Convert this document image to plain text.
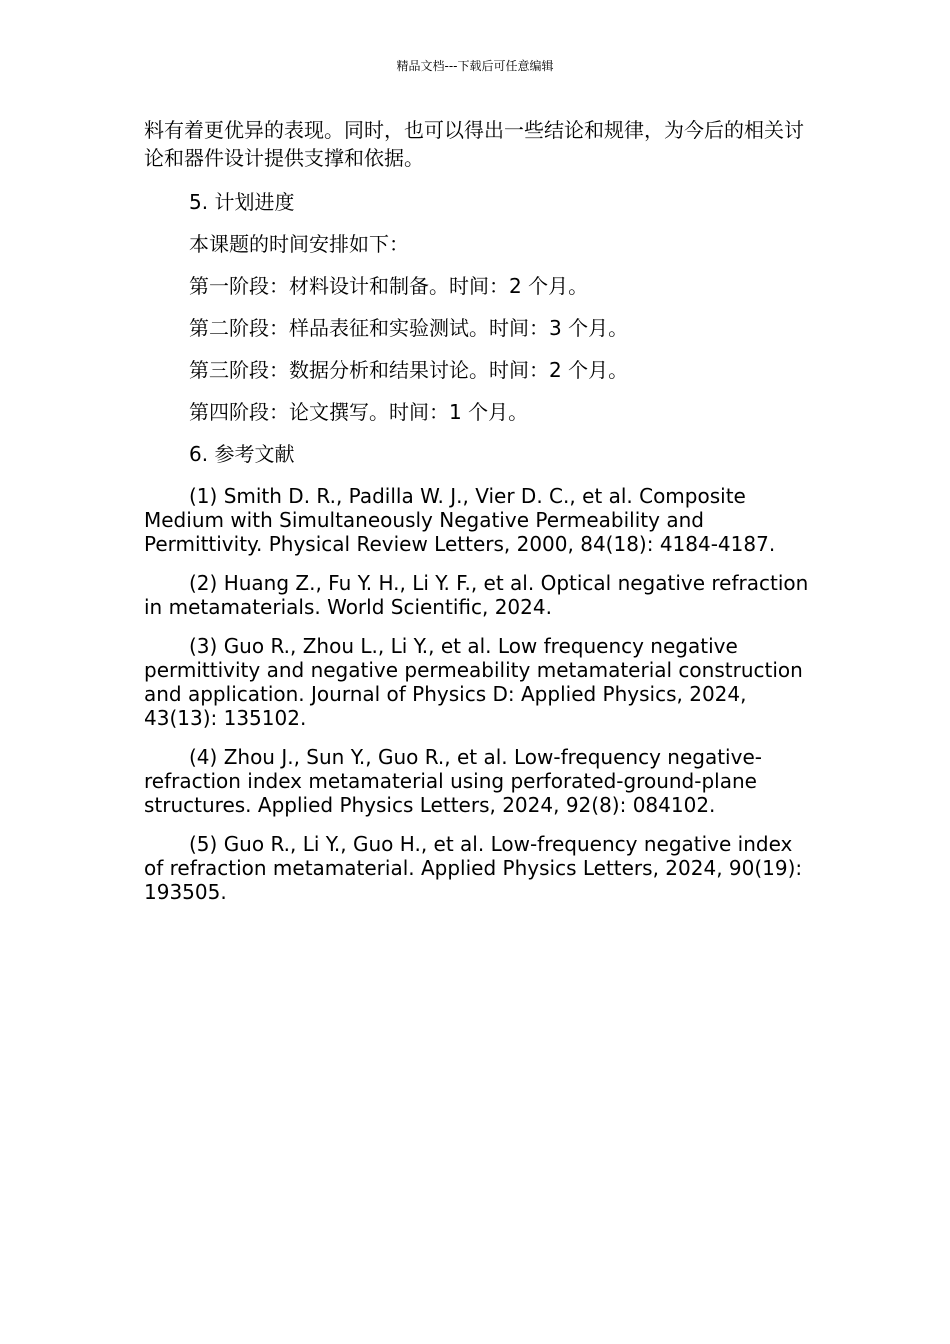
精品文档---下载后可任意编辑

料有着更优异的表现。同时，也可以得出一些结论和规律，为今后的相关讨论和器件设计提供支撑和依据。

5. 计划进度

本课题的时间安排如下：

第一阶段：材料设计和制备。时间：2 个月。

第二阶段：样品表征和实验测试。时间：3 个月。

第三阶段：数据分析和结果讨论。时间：2 个月。

第四阶段：论文撰写。时间：1 个月。

6. 参考文献

(1) Smith D. R., Padilla W. J., Vier D. C., et al. Composite Medium with Simultaneously Negative Permeability and Permittivity. Physical Review Letters, 2000, 84(18): 4184-4187.

(2) Huang Z., Fu Y. H., Li Y. F., et al. Optical negative refraction in metamaterials. World Scientific, 2024.

(3) Guo R., Zhou L., Li Y., et al. Low frequency negative permittivity and negative permeability metamaterial construction and application. Journal of Physics D: Applied Physics, 2024, 43(13): 135102.

(4) Zhou J., Sun Y., Guo R., et al. Low-frequency negative-refraction index metamaterial using perforated-ground-plane structures. Applied Physics Letters, 2024, 92(8): 084102.

(5) Guo R., Li Y., Guo H., et al. Low-frequency negative index of refraction metamaterial. Applied Physics Letters, 2024, 90(19): 193505.
